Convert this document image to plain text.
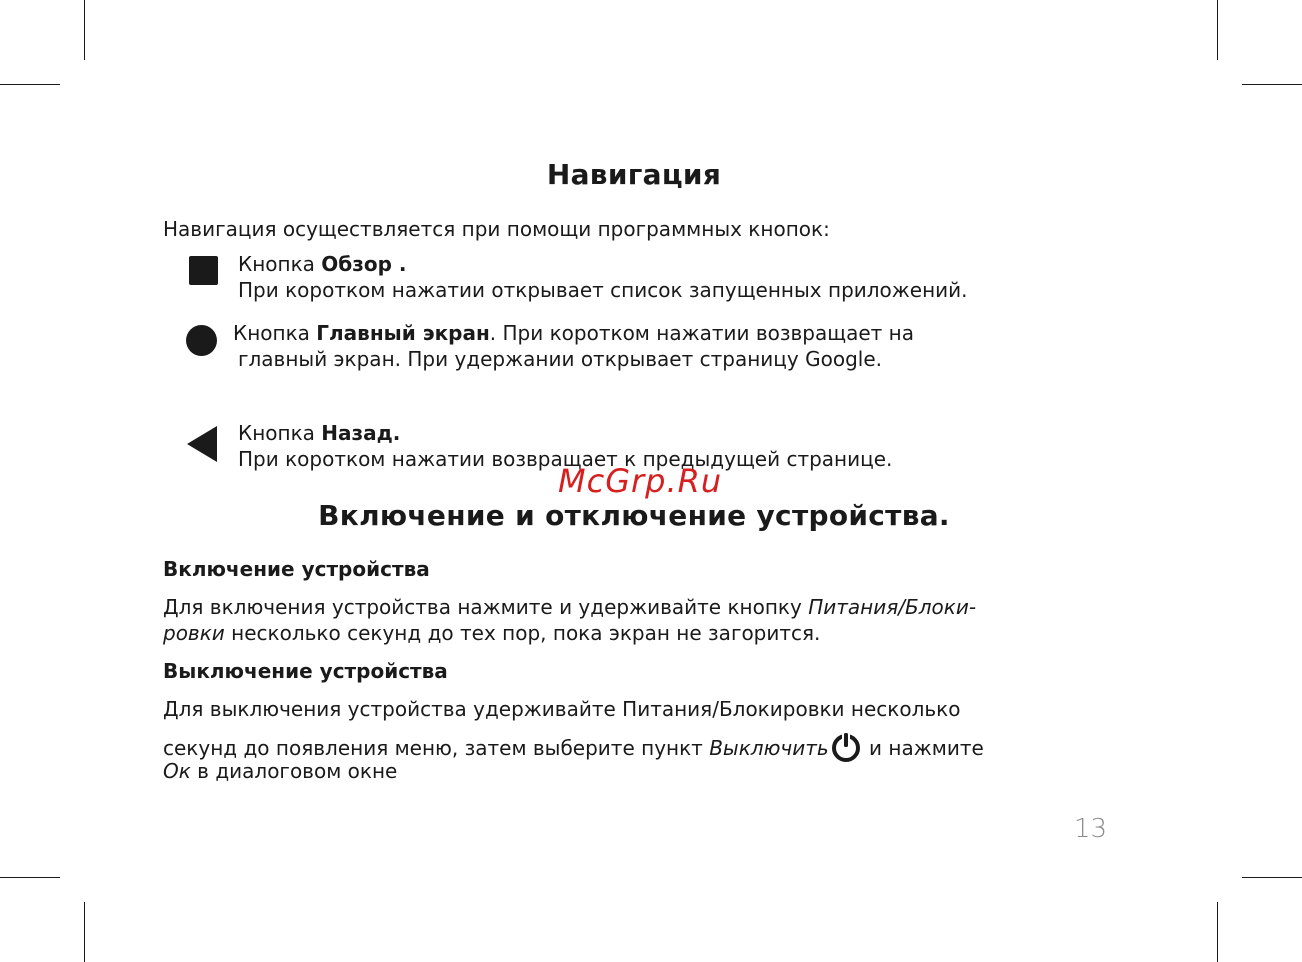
Навигация
Навигация осуществляется при помощи программных кнопок:
Кнопка Обзор .
При коротком нажатии открывает список запущенных приложений.
Кнопка Главный экран. При коротком нажатии возвращает на
главный экран. При удержании открывает страницу Google.
Кнопка Назад.
При коротком нажатии возвращает к предыдущей странице.
McGrp.Ru
Включение и отключение устройства.
Включение устройства
Для включения устройства нажмите и удерживайте кнопку Питания/Блоки-
ровки несколько секунд до тех пор, пока экран не загорится.
Выключение устройства
Для выключения устройства удерживайте Питания/Блокировки несколько
секунд до появления меню, затем выберите пункт Выключить и нажмите
Ок в диалоговом окне
13
